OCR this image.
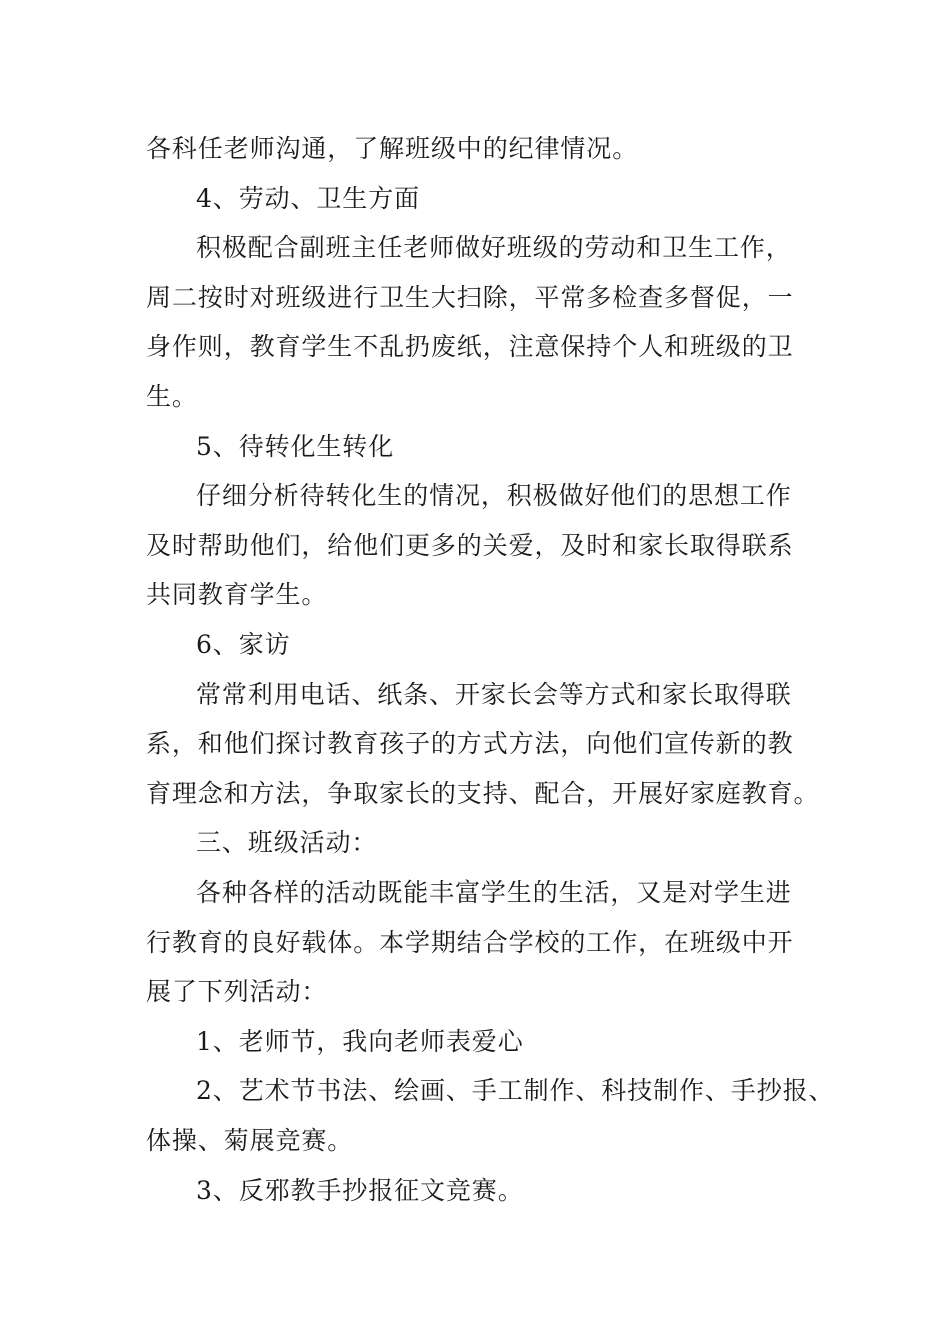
各科任老师沟通，了解班级中的纪律情况。
4、劳动、卫生方面
积极配合副班主任老师做好班级的劳动和卫生工作，
周二按时对班级进行卫生大扫除，平常多检查多督促，一
身作则，教育学生不乱扔废纸，注意保持个人和班级的卫
生。
5、待转化生转化
仔细分析待转化生的情况，积极做好他们的思想工作
及时帮助他们，给他们更多的关爱，及时和家长取得联系
共同教育学生。
6、家访
常常利用电话、纸条、开家长会等方式和家长取得联
系，和他们探讨教育孩子的方式方法，向他们宣传新的教
育理念和方法，争取家长的支持、配合，开展好家庭教育。
三、班级活动：
各种各样的活动既能丰富学生的生活，又是对学生进
行教育的良好载体。本学期结合学校的工作，在班级中开
展了下列活动：
1、老师节，我向老师表爱心
2、艺术节书法、绘画、手工制作、科技制作、手抄报、
体操、菊展竞赛。
3、反邪教手抄报征文竞赛。
